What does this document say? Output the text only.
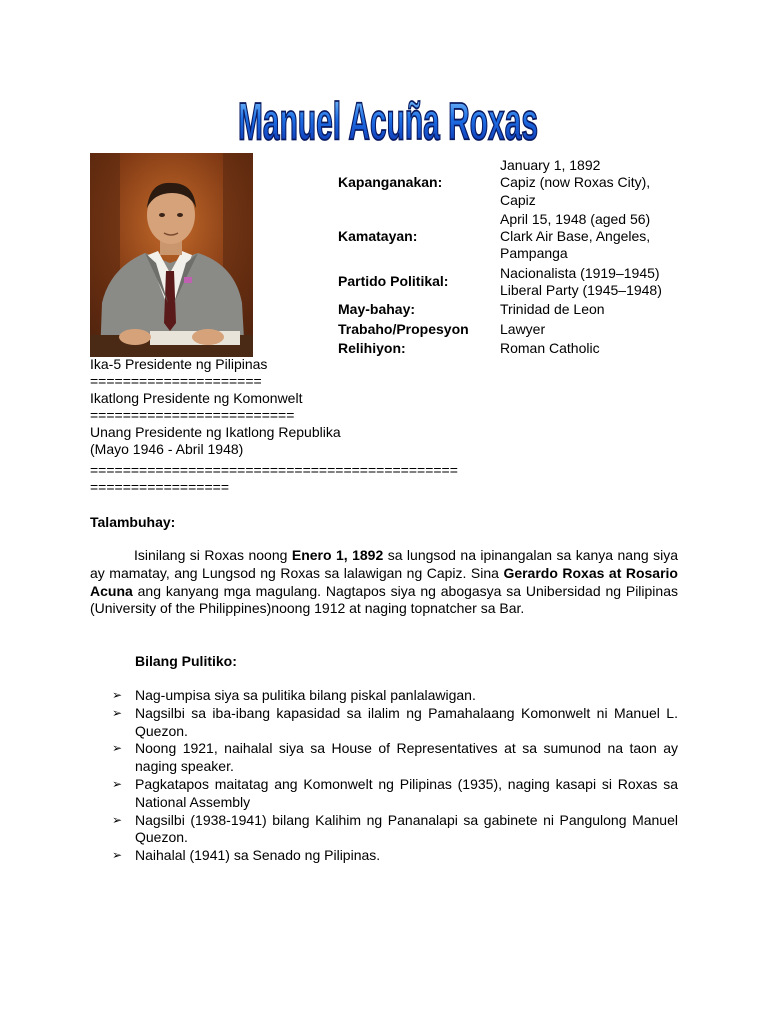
Manuel Acuña Roxas
Ika-5 Presidente ng Pilipinas
=====================
Ikatlong Presidente ng Komonwelt
=========================
Unang Presidente ng Ikatlong Republika
(Mayo 1946 - Abril 1948)
Kapanganakan:
January 1, 1892
Capiz (now Roxas City), Capiz
Kamatayan:
April 15, 1948 (aged 56)
Clark Air Base, Angeles, Pampanga
Partido Politikal:
Nacionalista (1919–1945)
Liberal Party (1945–1948)
May-bahay:	Trinidad de Leon
Trabaho/Propesyon	Lawyer
Relihiyon:	Roman Catholic
=============================================
=================
Talambuhay:
Isinilang si Roxas noong Enero 1, 1892 sa lungsod na ipinangalan sa kanya nang siya ay mamatay, ang Lungsod ng Roxas sa lalawigan ng Capiz. Sina Gerardo Roxas at Rosario Acuna ang kanyang mga magulang. Nagtapos siya ng abogasya sa Unibersidad ng Pilipinas (University of the Philippines)noong 1912 at naging topnatcher sa Bar.
Bilang Pulitiko:
➢ Nag-umpisa siya sa pulitika bilang piskal panlalawigan.
➢ Nagsilbi sa iba-ibang kapasidad sa ilalim ng Pamahalaang Komonwelt ni Manuel L. Quezon.
➢ Noong 1921, naihalal siya sa House of Representatives at sa sumunod na taon ay naging speaker.
➢ Pagkatapos maitatag ang Komonwelt ng Pilipinas (1935), naging kasapi si Roxas sa National Assembly
➢ Nagsilbi (1938-1941) bilang Kalihim ng Pananalapi sa gabinete ni Pangulong Manuel Quezon.
➢ Naihalal (1941) sa Senado ng Pilipinas.
